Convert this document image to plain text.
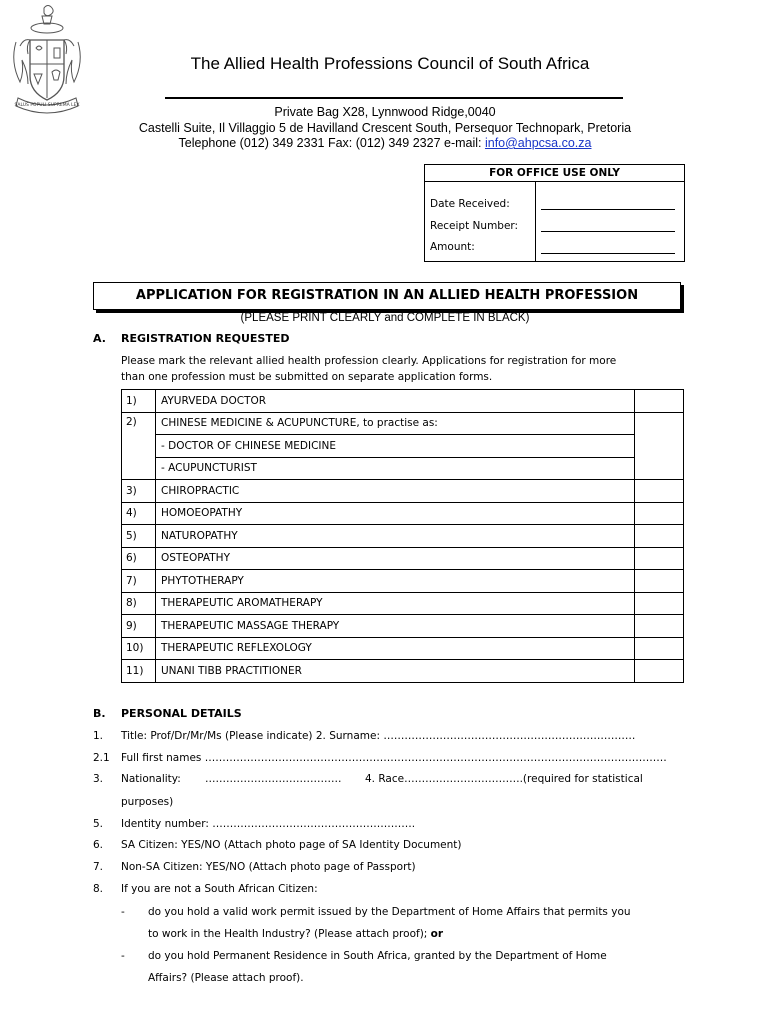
SALUS POPULI SUPREMA LEX
The Allied Health Professions Council of South Africa
Private Bag X28, Lynnwood Ridge,0040
Castelli Suite, Il Villaggio 5 de Havilland Crescent South, Persequor Technopark, Pretoria
Telephone (012) 349 2331 Fax: (012) 349 2327 e-mail: info@ahpcsa.co.za
FOR OFFICE USE ONLY
Date Received:
Receipt Number:
Amount:
APPLICATION FOR REGISTRATION IN AN ALLIED HEALTH PROFESSION
(PLEASE PRINT CLEARLY and COMPLETE IN BLACK)
A. REGISTRATION REQUESTED
Please mark the relevant allied health profession clearly. Applications for registration for more
than one profession must be submitted on separate application forms.
1)	AYURVEDA DOCTOR	
2)	CHINESE MEDICINE & ACUPUNCTURE, to practise as:	
	- DOCTOR OF CHINESE MEDICINE	
	- ACUPUNCTURIST	
3)	CHIROPRACTIC	
4)	HOMOEOPATHY	
5)	NATUROPATHY	
6)	OSTEOPATHY	
7)	PHYTOTHERAPY	
8)	THERAPEUTIC AROMATHERAPY	
9)	THERAPEUTIC MASSAGE THERAPY	
10)	THERAPEUTIC REFLEXOLOGY	
11)	UNANI TIBB PRACTITIONER	
B. PERSONAL DETAILS
1. Title: Prof/Dr/Mr/Ms (Please indicate) 2. Surname: ………………………………………………………………
2.1 Full first names ……………………………………………………………………………………………………………………
3. Nationality: ………………………………… 4. Race…………………………….(required for statistical
purposes)
5. Identity number: ………………………………………………….
6. SA Citizen: YES/NO (Attach photo page of SA Identity Document)
7. Non-SA Citizen: YES/NO (Attach photo page of Passport)
8. If you are not a South African Citizen:
- do you hold a valid work permit issued by the Department of Home Affairs that permits you
to work in the Health Industry? (Please attach proof); or
- do you hold Permanent Residence in South Africa, granted by the Department of Home
Affairs? (Please attach proof).
